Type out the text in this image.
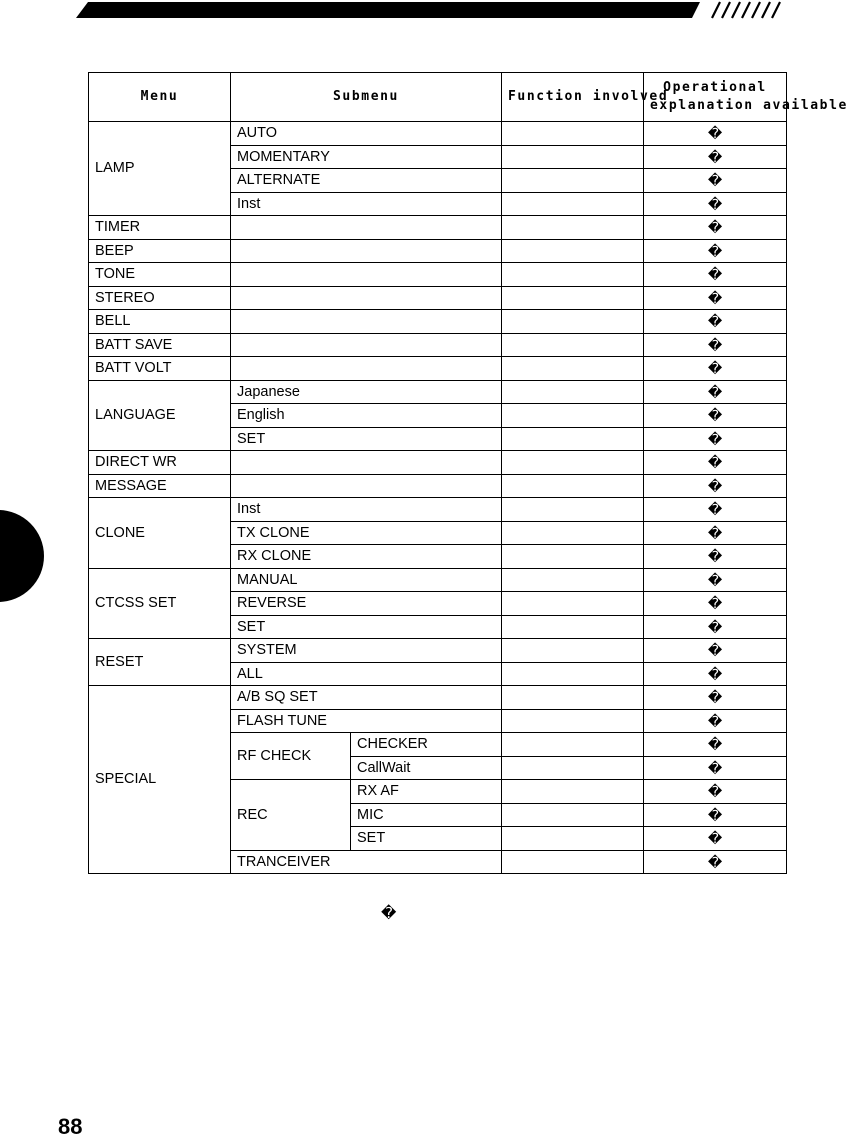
Menu	Submenu		Function involved	Operational
explanation available
LAMP	AUTO			�
	MOMENTARY			�
	ALTERNATE			�
	Inst			�
TIMER				�
BEEP				�
TONE				�
STEREO				�
BELL				�
BATT SAVE				�
BATT VOLT				�
LANGUAGE	Japanese			�
	English			�
	SET			�
DIRECT WR				�
MESSAGE				�
CLONE	Inst			�
	TX CLONE			�
	RX CLONE			�
CTCSS SET	MANUAL			�
	REVERSE			�
	SET			�
RESET	SYSTEM			�
	ALL			�
SPECIAL	A/B SQ SET			�
	FLASH TUNE			�
	RF CHECK	CHECKER		�
		CallWait		�
	REC	RX AF		�
		MIC		�
		SET		�
	TRANCEIVER			�
�
88
